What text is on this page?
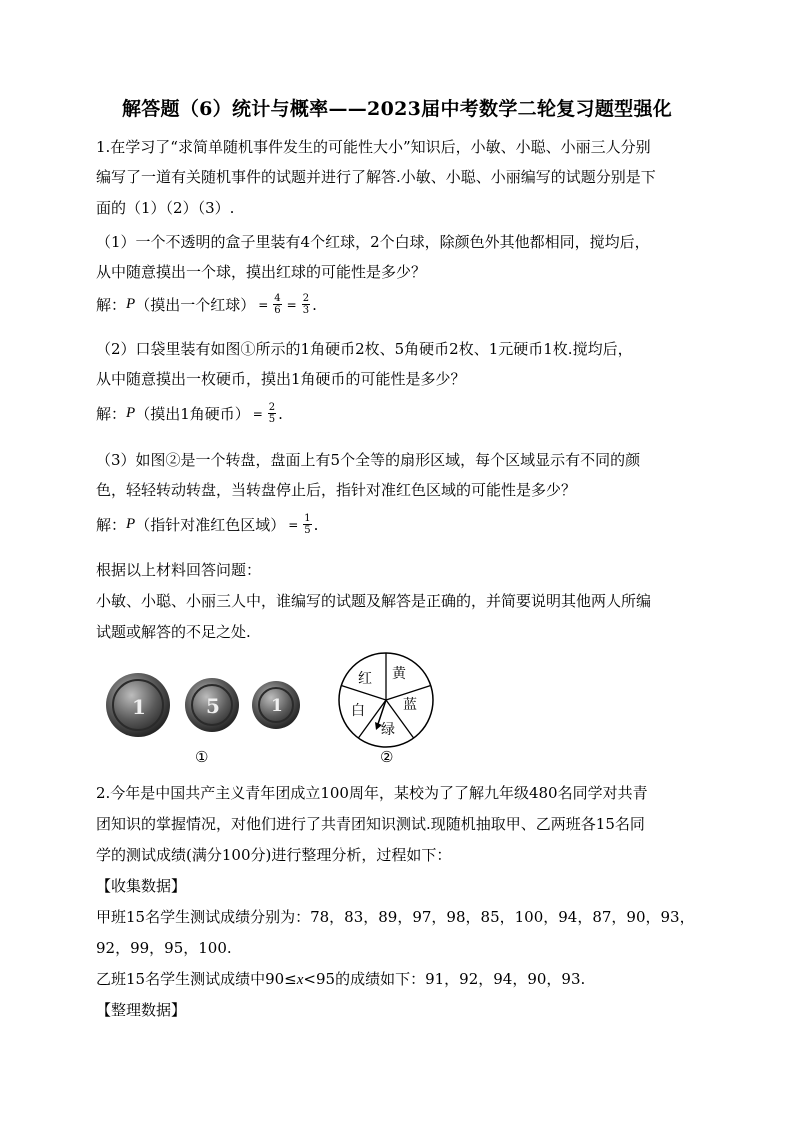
解答题（6）统计与概率——2023届中考数学二轮复习题型强化
1.在学习了“求简单随机事件发生的可能性大小”知识后，小敏、小聪、小丽三人分别
编写了一道有关随机事件的试题并进行了解答.小敏、小聪、小丽编写的试题分别是下
面的（1）（2）（3）.
（1）一个不透明的盒子里装有4个红球，2个白球，除颜色外其他都相同，搅均后，
从中随意摸出一个球，摸出红球的可能性是多少？
解： P （摸出一个红球） = $\frac{4}{6} = \frac{2}{3}$ .
（2）口袋里装有如图①所示的1角硬币2枚、5角硬币2枚、1元硬币1枚.搅均后，
从中随意摸出一枚硬币，摸出1角硬币的可能性是多少？
解： P （摸出1角硬币） = $\frac{2}{5}$ .
（3）如图②是一个转盘，盘面上有5个全等的扇形区域，每个区域显示有不同的颜
色，轻轻转动转盘，当转盘停止后，指针对准红色区域的可能性是多少？
解： P （指针对准红色区域） = $\frac{1}{5}$ .
根据以上材料回答问题：
小敏、小聪、小丽三人中，谁编写的试题及解答是正确的，并简要说明其他两人所编
试题或解答的不足之处.
1	5	1
①
红 黄
蓝
绿
白
②
2.今年是中国共产主义青年团成立100周年，某校为了了解九年级480名同学对共青
团知识的掌握情况，对他们进行了共青团知识测试.现随机抽取甲、乙两班各15名同
学的测试成绩(满分100分)进行整理分析，过程如下：
【收集数据】
甲班15名学生测试成绩分别为：78，83，89，97，98，85，100，94，87，90，93，
92，99，95，100.
乙班15名学生测试成绩中90≤x<95的成绩如下：91，92，94，90，93.
【整理数据】
